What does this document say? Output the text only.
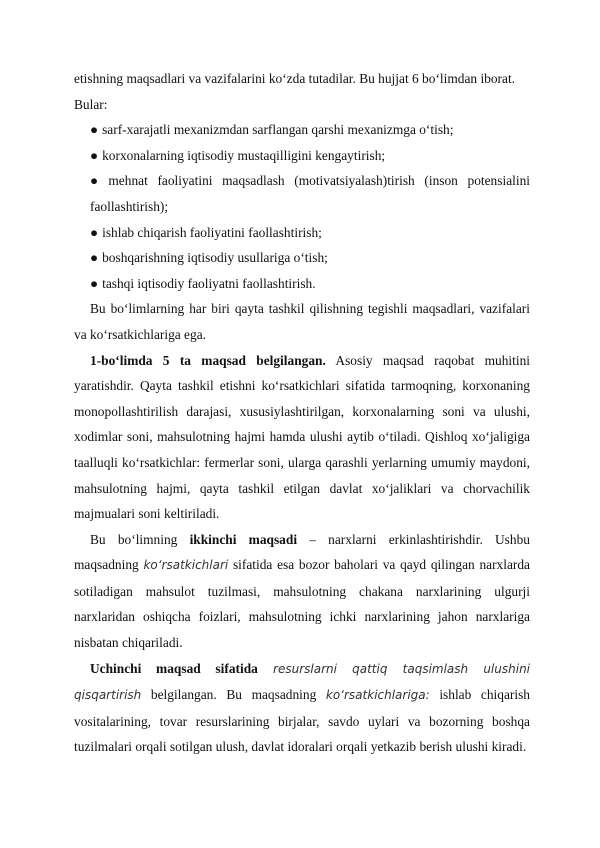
etishning maqsadlari va vazifalarini koʻzda tutadilar. Bu hujjat 6 boʻlimdan iborat.

Bular:

● sarf-xarajatli mexanizmdan sarflangan qarshi mexanizmga oʻtish;

● korxonalarning iqtisodiy mustaqilligini kengaytirish;

● mehnat faoliyatini maqsadlash (motivatsiyalash)tirish (inson potensialini faollashtirish);

● ishlab chiqarish faoliyatini faollashtirish;

● boshqarishning iqtisodiy usullariga oʻtish;

● tashqi iqtisodiy faoliyatni faollashtirish.

Bu boʻlimlarning har biri qayta tashkil qilishning tegishli maqsadlari, vazifalari va koʻrsatkichlariga ega.

1-boʻlimda 5 ta maqsad belgilangan. Asosiy maqsad raqobat muhitini yaratishdir. Qayta tashkil etishni koʻrsatkichlari sifatida tarmoqning, korxonaning monopollashtirilish darajasi, xususiylashtirilgan, korxonalarning soni va ulushi, xodimlar soni, mahsulotning hajmi hamda ulushi aytib oʻtiladi. Qishloq xoʻjaligiga taalluqli koʻrsatkichlar: fermerlar soni, ularga qarashli yerlarning umumiy maydoni, mahsulotning hajmi, qayta tashkil etilgan davlat xoʻjaliklari va chorvachilik majmualari soni keltiriladi.

Bu boʻlimning ikkinchi maqsadi – narxlarni erkinlashtirishdir. Ushbu maqsadning koʻrsatkichlari sifatida esa bozor baholari va qayd qilingan narxlarda sotiladigan mahsulot tuzilmasi, mahsulotning chakana narxlarining ulgurji narxlaridan oshiqcha foizlari, mahsulotning ichki narxlarining jahon narxlariga nisbatan chiqariladi.

Uchinchi maqsad sifatida resurslarni qattiq taqsimlash ulushini qisqartirish belgilangan. Bu maqsadning koʻrsatkichlariga: ishlab chiqarish vositalarining, tovar resurslarining birjalar, savdo uylari va bozorning boshqa tuzilmalari orqali sotilgan ulush, davlat idoralari orqali yetkazib berish ulushi kiradi.
